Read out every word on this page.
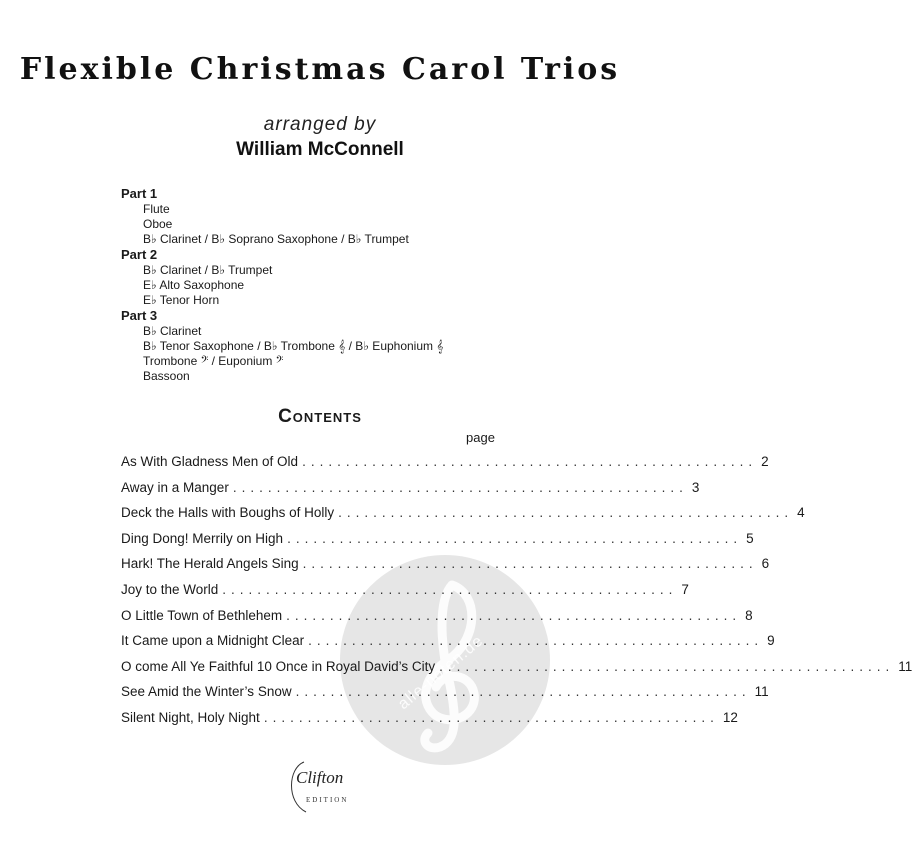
Flexible Christmas Carol Trios
arranged by
William McConnell
Part 1
Flute
Oboe
B♭ Clarinet / B♭ Soprano Saxophone / B♭ Trumpet
Part 2
B♭ Clarinet / B♭ Trumpet
E♭ Alto Saxophone
E♭ Tenor Horn
Part 3
B♭ Clarinet
B♭ Tenor Saxophone / B♭ Trombone 𝄞 / B♭ Euphonium 𝄞
Trombone 𝄢 / Euponium 𝄢
Bassoon
Contents
page
alle-noten.de
As With Gladness Men of Old .................................................... 2
Away in a Manger .................................................... 3
Deck the Halls with Boughs of Holly .................................................... 4
Ding Dong! Merrily on High .................................................... 5
Hark! The Herald Angels Sing .................................................... 6
Joy to the World .................................................... 7
O Little Town of Bethlehem .................................................... 8
It Came upon a Midnight Clear .................................................... 9
O come All Ye Faithful 10 Once in Royal David’s City .................................................... 11
See Amid the Winter’s Snow .................................................... 11
Silent Night, Holy Night .................................................... 12
Clifton
EDITION
